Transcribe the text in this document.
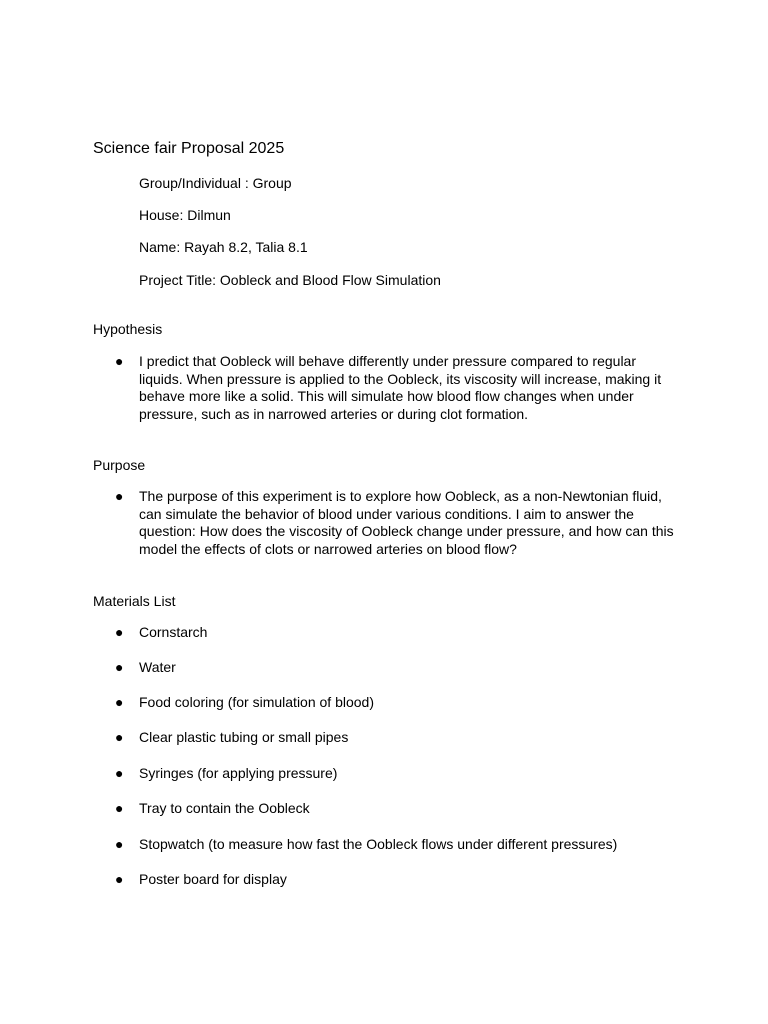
Science fair Proposal 2025
Group/Individual : Group
House: Dilmun
Name: Rayah 8.2, Talia 8.1
Project Title: Oobleck and Blood Flow Simulation
Hypothesis
● I predict that Oobleck will behave differently under pressure compared to regular liquids. When pressure is applied to the Oobleck, its viscosity will increase, making it behave more like a solid. This will simulate how blood flow changes when under pressure, such as in narrowed arteries or during clot formation.
Purpose
● The purpose of this experiment is to explore how Oobleck, as a non-Newtonian fluid, can simulate the behavior of blood under various conditions. I aim to answer the question: How does the viscosity of Oobleck change under pressure, and how can this model the effects of clots or narrowed arteries on blood flow?
Materials List
● Cornstarch
● Water
● Food coloring (for simulation of blood)
● Clear plastic tubing or small pipes
● Syringes (for applying pressure)
● Tray to contain the Oobleck
● Stopwatch (to measure how fast the Oobleck flows under different pressures)
● Poster board for display
